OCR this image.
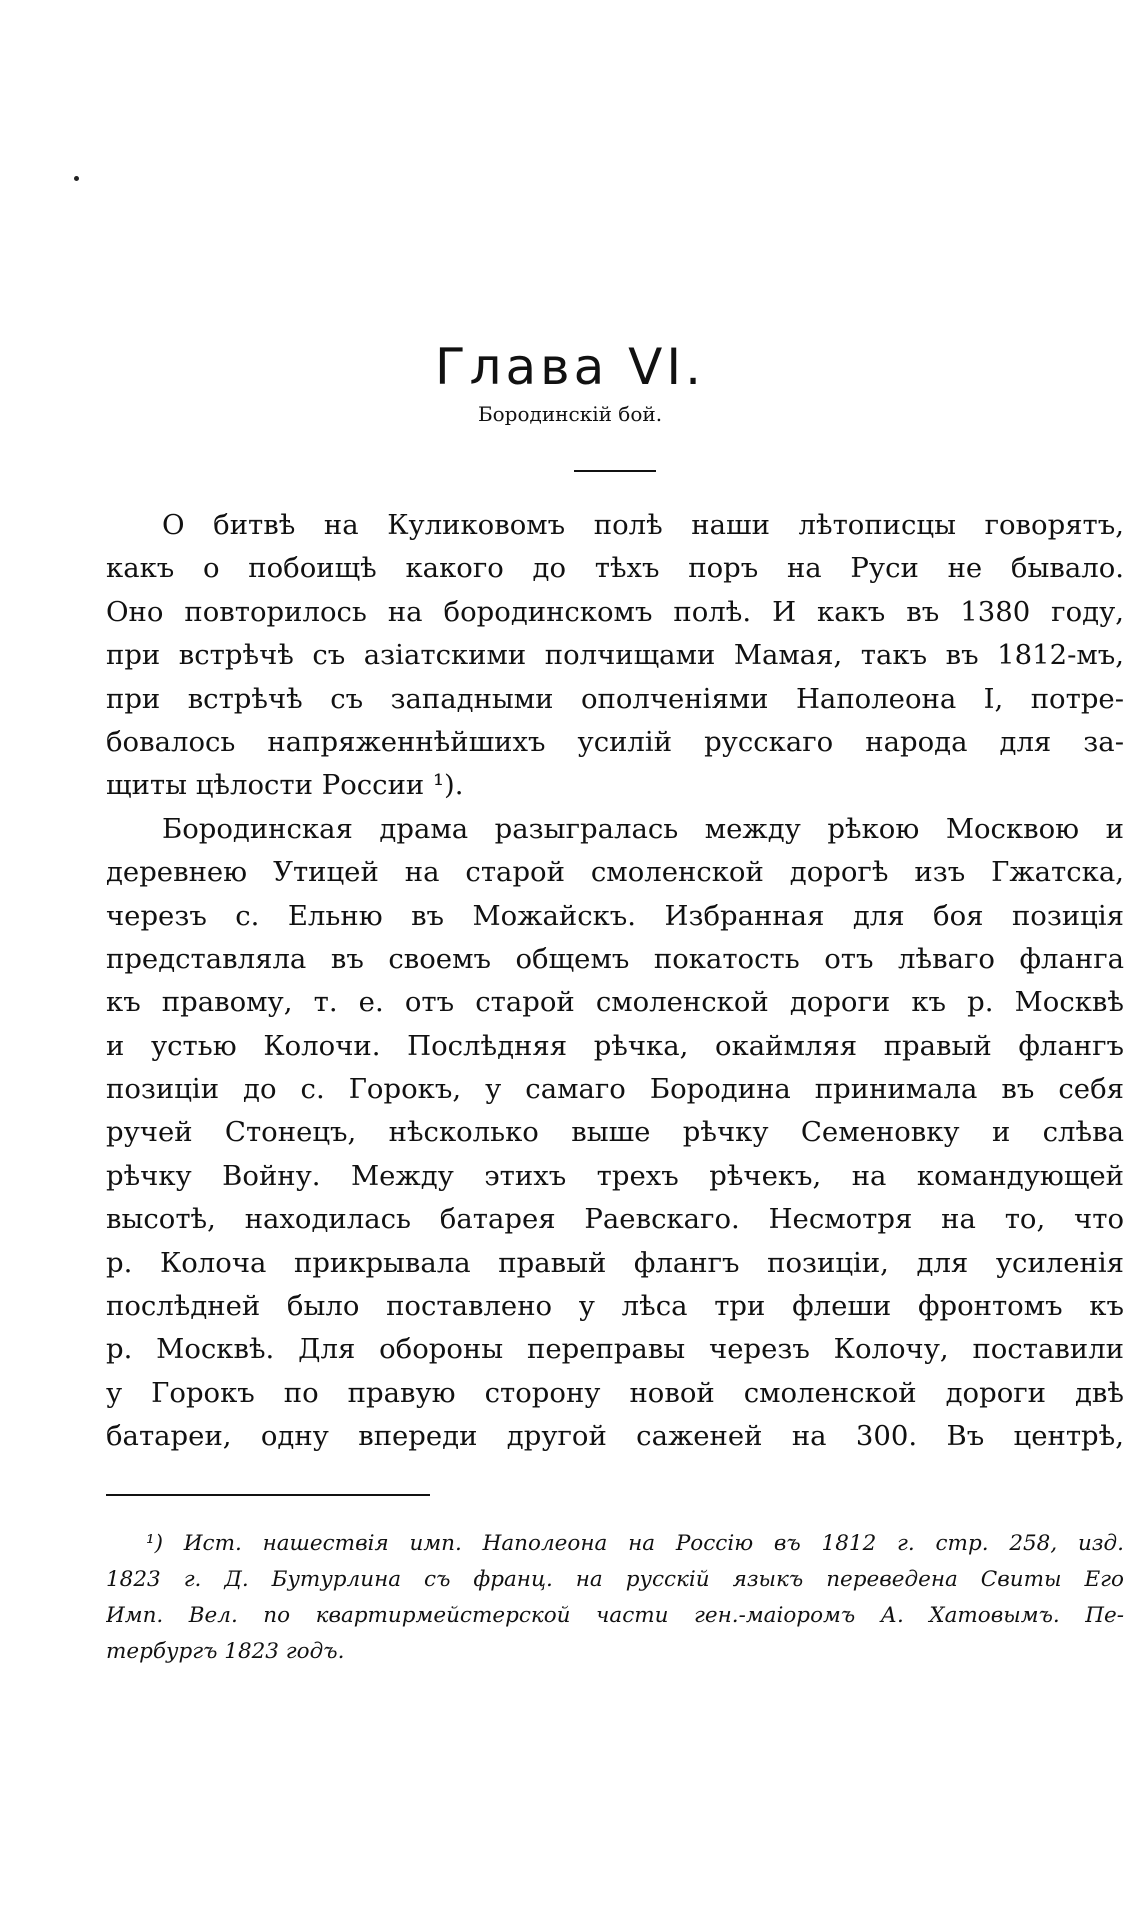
Глава VI.
Бородинскій бой.
О битвѣ на Куликовомъ полѣ наши лѣтописцы говорятъ,
какъ о побоищѣ какого до тѣхъ поръ на Руси не бывало.
Оно повторилось на бородинскомъ полѣ. И какъ въ 1380 году,
при встрѣчѣ съ азіатскими полчищами Мамая, такъ въ 1812-мъ,
при встрѣчѣ съ западными ополченіями Наполеона I, потре-
бовалось напряженнѣйшихъ усилій русскаго народа для за-
щиты цѣлости России ¹).
Бородинская драма разыгралась между рѣкою Москвою и
деревнею Утицей на старой смоленской дорогѣ изъ Гжатска,
черезъ с. Ельню въ Можайскъ. Избранная для боя позиція
представляла въ своемъ общемъ покатость отъ лѣваго фланга
къ правому, т. е. отъ старой смоленской дороги къ р. Москвѣ
и устью Колочи. Послѣдняя рѣчка, окаймляя правый флангъ
позиціи до с. Горокъ, у самаго Бородина принимала въ себя
ручей Стонецъ, нѣсколько выше рѣчку Семеновку и слѣва
рѣчку Войну. Между этихъ трехъ рѣчекъ, на командующей
высотѣ, находилась батарея Раевскаго. Несмотря на то, что
р. Колоча прикрывала правый флангъ позиціи, для усиленія
послѣдней было поставлено у лѣса три флеши фронтомъ къ
р. Москвѣ. Для обороны переправы черезъ Колочу, поставили
у Горокъ по правую сторону новой смоленской дороги двѣ
батареи, одну впереди другой саженей на 300. Въ центрѣ,
¹) Ист. нашествія имп. Наполеона на Россію въ 1812 г. стр. 258, изд.
1823 г. Д. Бутурлина съ франц. на русскій языкъ переведена Свиты Его
Имп. Вел. по квартирмейстерской части ген.-маіоромъ А. Хатовымъ. Пе-
тербургъ 1823 годъ.
